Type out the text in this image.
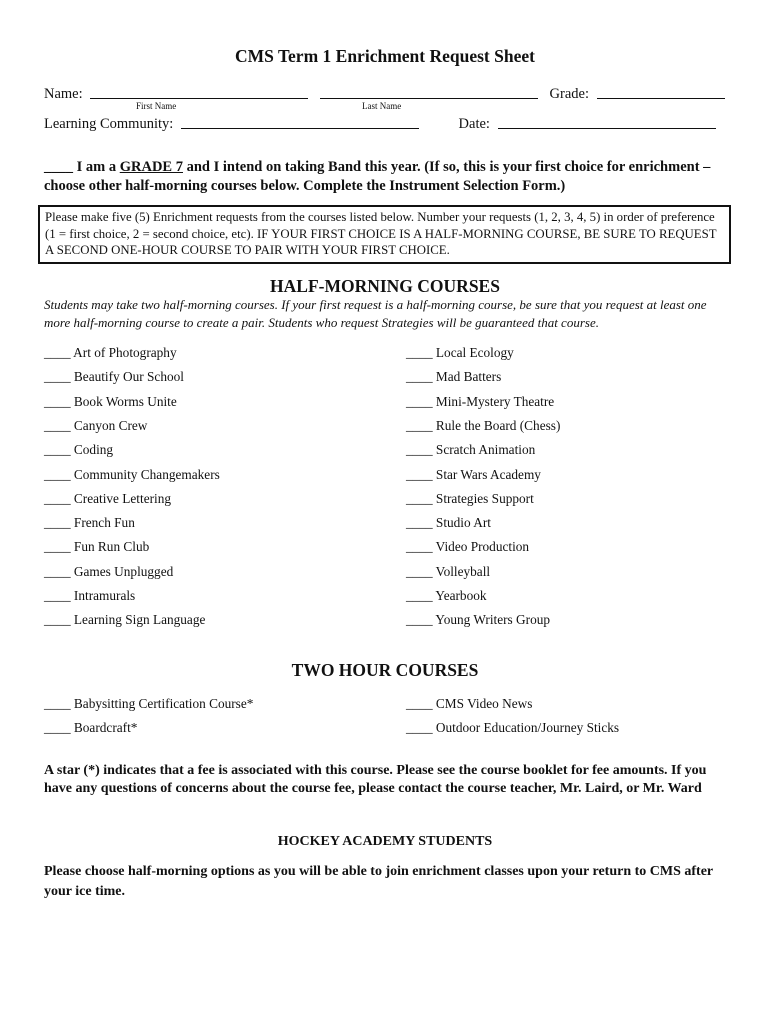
CMS Term 1 Enrichment Request Sheet
Name:	Grade:
First Name	Last Name
Learning Community:	Date:
____ I am a GRADE 7 and I intend on taking Band this year. (If so, this is your first choice for enrichment – choose other half-morning courses below. Complete the Instrument Selection Form.)
Please make five (5) Enrichment requests from the courses listed below. Number your requests (1, 2, 3, 4, 5) in order of preference (1 = first choice, 2 = second choice, etc). IF YOUR FIRST CHOICE IS A HALF-MORNING COURSE, BE SURE TO REQUEST A SECOND ONE-HOUR COURSE TO PAIR WITH YOUR FIRST CHOICE.
HALF-MORNING COURSES
Students may take two half-morning courses. If your first request is a half-morning course, be sure that you request at least one more half-morning course to create a pair. Students who request Strategies will be guaranteed that course.
____ Art of Photography
____ Beautify Our School
____ Book Worms Unite
____ Canyon Crew
____ Coding
____ Community Changemakers
____ Creative Lettering
____ French Fun
____ Fun Run Club
____ Games Unplugged
____ Intramurals
____ Learning Sign Language
____ Local Ecology
____ Mad Batters
____ Mini-Mystery Theatre
____ Rule the Board (Chess)
____ Scratch Animation
____ Star Wars Academy
____ Strategies Support
____ Studio Art
____ Video Production
____ Volleyball
____ Yearbook
____ Young Writers Group
TWO HOUR COURSES
____ Babysitting Certification Course*
____ Boardcraft*
____ CMS Video News
____ Outdoor Education/Journey Sticks
A star (*) indicates that a fee is associated with this course. Please see the course booklet for fee amounts. If you have any questions of concerns about the course fee, please contact the course teacher, Mr. Laird, or Mr. Ward
HOCKEY ACADEMY STUDENTS
Please choose half-morning options as you will be able to join enrichment classes upon your return to CMS after your ice time.
